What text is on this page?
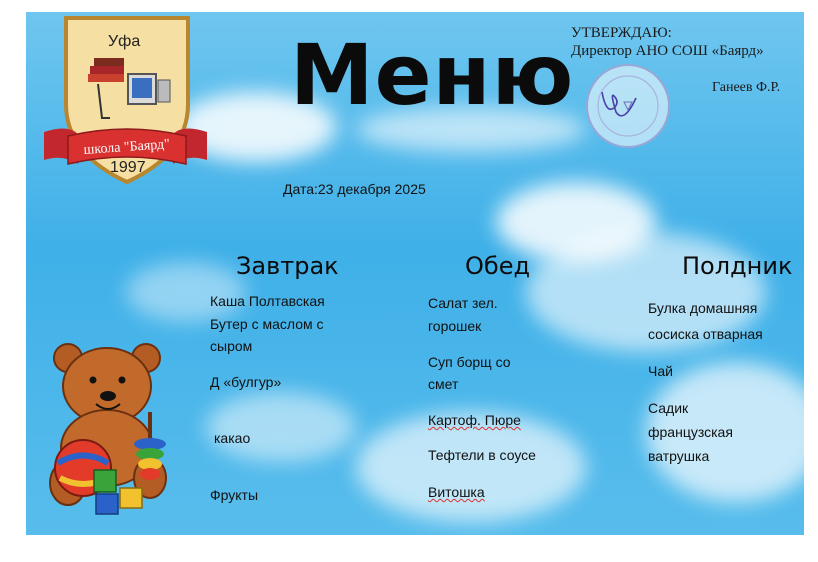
Уфа
школа "Баярд"
1997
Меню
УТВЕРЖДАЮ:
Директор АНО СОШ «Баярд»
Ганеев Ф.Р.
Дата:23 декабря 2025
Завтрак	Обед	Полдник
Каша Полтавская
Бутер с маслом с
сыром
Д «булгур»
какао
Фрукты
Салат зел.
горошек
Суп борщ со
смет
Картоф. Пюре
Тефтели в соусе
Витошка
Булка домашняя
сосиска отварная
Чай
Садик
французская
ватрушка
